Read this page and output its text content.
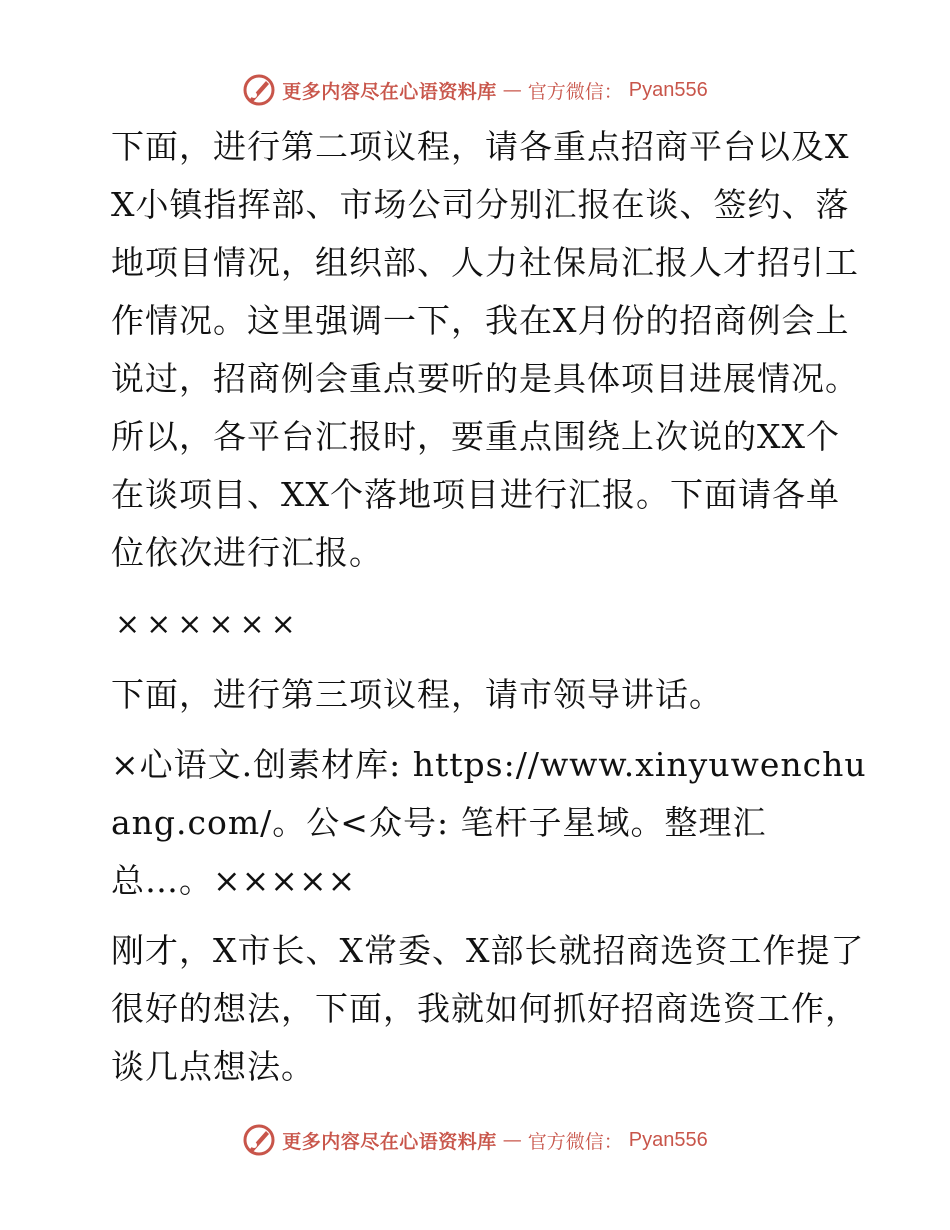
更多内容尽在心语资料库 — 官方微信： Pyan556

下面，进行第二项议程，请各重点招商平台以及XX小镇指挥部、市场公司分别汇报在谈、签约、落地项目情况，组织部、人力社保局汇报人才招引工作情况。这里强调一下，我在X月份的招商例会上说过，招商例会重点要听的是具体项目进展情况。所以，各平台汇报时，要重点围绕上次说的XX个在谈项目、XX个落地项目进行汇报。下面请各单位依次进行汇报。

××××××

下面，进行第三项议程，请市领导讲话。

×心语文.创素材库: https://www.xinyuwenchuang.com/。公<众号: 笔杆子星域。整理汇总…。×××××

刚才，X市长、X常委、X部长就招商选资工作提了很好的想法，下面，我就如何抓好招商选资工作，谈几点想法。

更多内容尽在心语资料库 — 官方微信： Pyan556
